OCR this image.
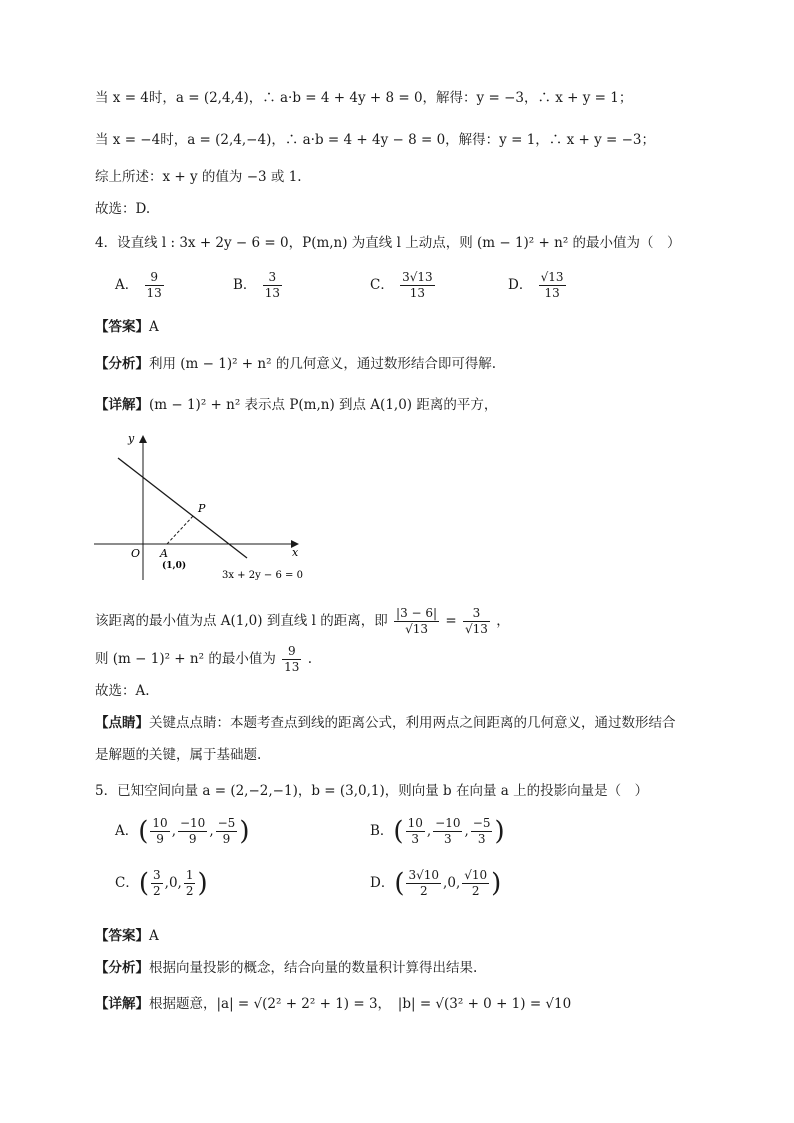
当 x = 4时，a = (2,4,4)，∴ a·b = 4 + 4y + 8 = 0，解得：y = −3，∴ x + y = 1；
当 x = −4时，a = (2,4,−4)，∴ a·b = 4 + 4y − 8 = 0，解得：y = 1，∴ x + y = −3；
综上所述：x + y 的值为 −3 或 1.
故选：D.
4．设直线 l : 3x + 2y − 6 = 0，P(m,n) 为直线 l 上动点，则 (m − 1)² + n² 的最小值为（　）
A． $\frac{9}{13}$	B． $\frac{3}{13}$	C． $\frac{3√13}{13}$	D． $\frac{√13}{13}$
【答案】A
【分析】利用 (m − 1)² + n² 的几何意义，通过数形结合即可得解.
【详解】(m − 1)² + n² 表示点 P(m,n) 到点 A(1,0) 距离的平方，
y
x
O A
(1,0)
P
3x + 2y − 6 = 0
该距离的最小值为点 A(1,0) 到直线 l 的距离，即 $\frac{|3 - 6|}{√13} = \frac{3}{√13}$ ，
则 (m − 1)² + n² 的最小值为 $\frac{9}{13}$ .
故选：A.
【点睛】关键点点睛：本题考查点到线的距离公式，利用两点之间距离的几何意义，通过数形结合
是解题的关键，属于基础题.
5．已知空间向量 a = (2,−2,−1)，b = (3,0,1)，则向量 b 在向量 a 上的投影向量是（　）
A．( $\frac{10}{9}$ , $\frac{-10}{9}$ , $\frac{-5}{9}$ )	B．( $\frac{10}{3}$ , $\frac{-10}{3}$ , $\frac{-5}{3}$ )
C．( $\frac{3}{2} ,0$, $\frac{1}{2}$ )	D．( $\frac{3√10}{2} ,0$, $\frac{√10}{2}$ )
【答案】A
【分析】根据向量投影的概念，结合向量的数量积计算得出结果.
【详解】根据题意，|a| = √(2² + 2² + 1) = 3，　|b| = √(3² + 0 + 1) = √10
